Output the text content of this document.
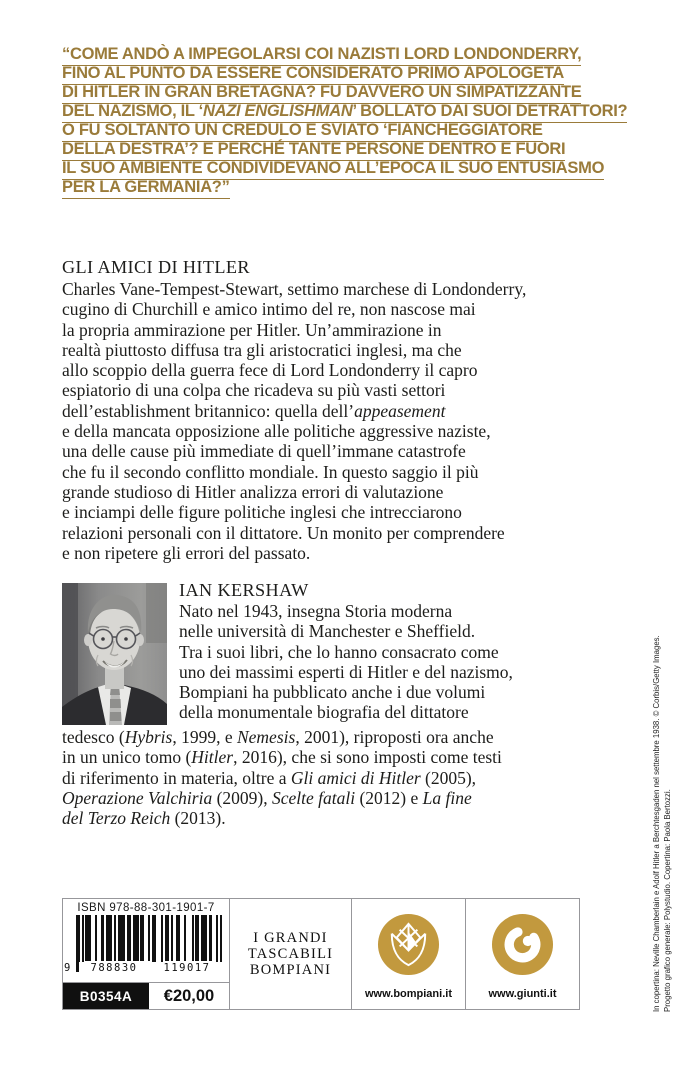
“COME ANDÒ A IMPEGOLARSI COI NAZISTI LORD LONDONDERRY,
FINO AL PUNTO DA ESSERE CONSIDERATO PRIMO APOLOGETA
DI HITLER IN GRAN BRETAGNA? FU DAVVERO UN SIMPATIZZANTE
DEL NAZISMO, IL ‘NAZI ENGLISHMAN’ BOLLATO DAI SUOI DETRATTORI?
O FU SOLTANTO UN CREDULO E SVIATO ‘FIANCHEGGIATORE
DELLA DESTRA’? E PERCHÉ TANTE PERSONE DENTRO E FUORI
IL SUO AMBIENTE CONDIVIDEVANO ALL’EPOCA IL SUO ENTUSIASMO
PER LA GERMANIA?”
GLI AMICI DI HITLER
Charles Vane-Tempest-Stewart, settimo marchese di Londonderry,
cugino di Churchill e amico intimo del re, non nascose mai
la propria ammirazione per Hitler. Un’ammirazione in
realtà piuttosto diffusa tra gli aristocratici inglesi, ma che
allo scoppio della guerra fece di Lord Londonderry il capro
espiatorio di una colpa che ricadeva su più vasti settori
dell’establishment britannico: quella dell’appeasement
e della mancata opposizione alle politiche aggressive naziste,
una delle cause più immediate di quell’immane catastrofe
che fu il secondo conflitto mondiale. In questo saggio il più
grande studioso di Hitler analizza errori di valutazione
e inciampi delle figure politiche inglesi che intrecciarono
relazioni personali con il dittatore. Un monito per comprendere
e non ripetere gli errori del passato.
IAN KERSHAW
Nato nel 1943, insegna Storia moderna
nelle università di Manchester e Sheffield.
Tra i suoi libri, che lo hanno consacrato come
uno dei massimi esperti di Hitler e del nazismo,
Bompiani ha pubblicato anche i due volumi
della monumentale biografia del dittatore
tedesco (Hybris, 1999, e Nemesis, 2001), riproposti ora anche
in un unico tomo (Hitler, 2016), che si sono imposti come testi
di riferimento in materia, oltre a Gli amici di Hitler (2005),
Operazione Valchiria (2009), Scelte fatali (2012) e La fine
del Terzo Reich (2013).
ISBN 978-88-301-1901-7
9	788830	119017
B0354A	€20,00
I GRANDI
TASCABILI
BOMPIANI
www.bompiani.it	www.giunti.it	In copertina: Neville Chamberlain e Adolf Hitler a Berchtesgaden nel settembre 1938. © Corbis/Getty Images. Progetto grafico generale: Polystudio. Copertina: Paola Bertozzi.
